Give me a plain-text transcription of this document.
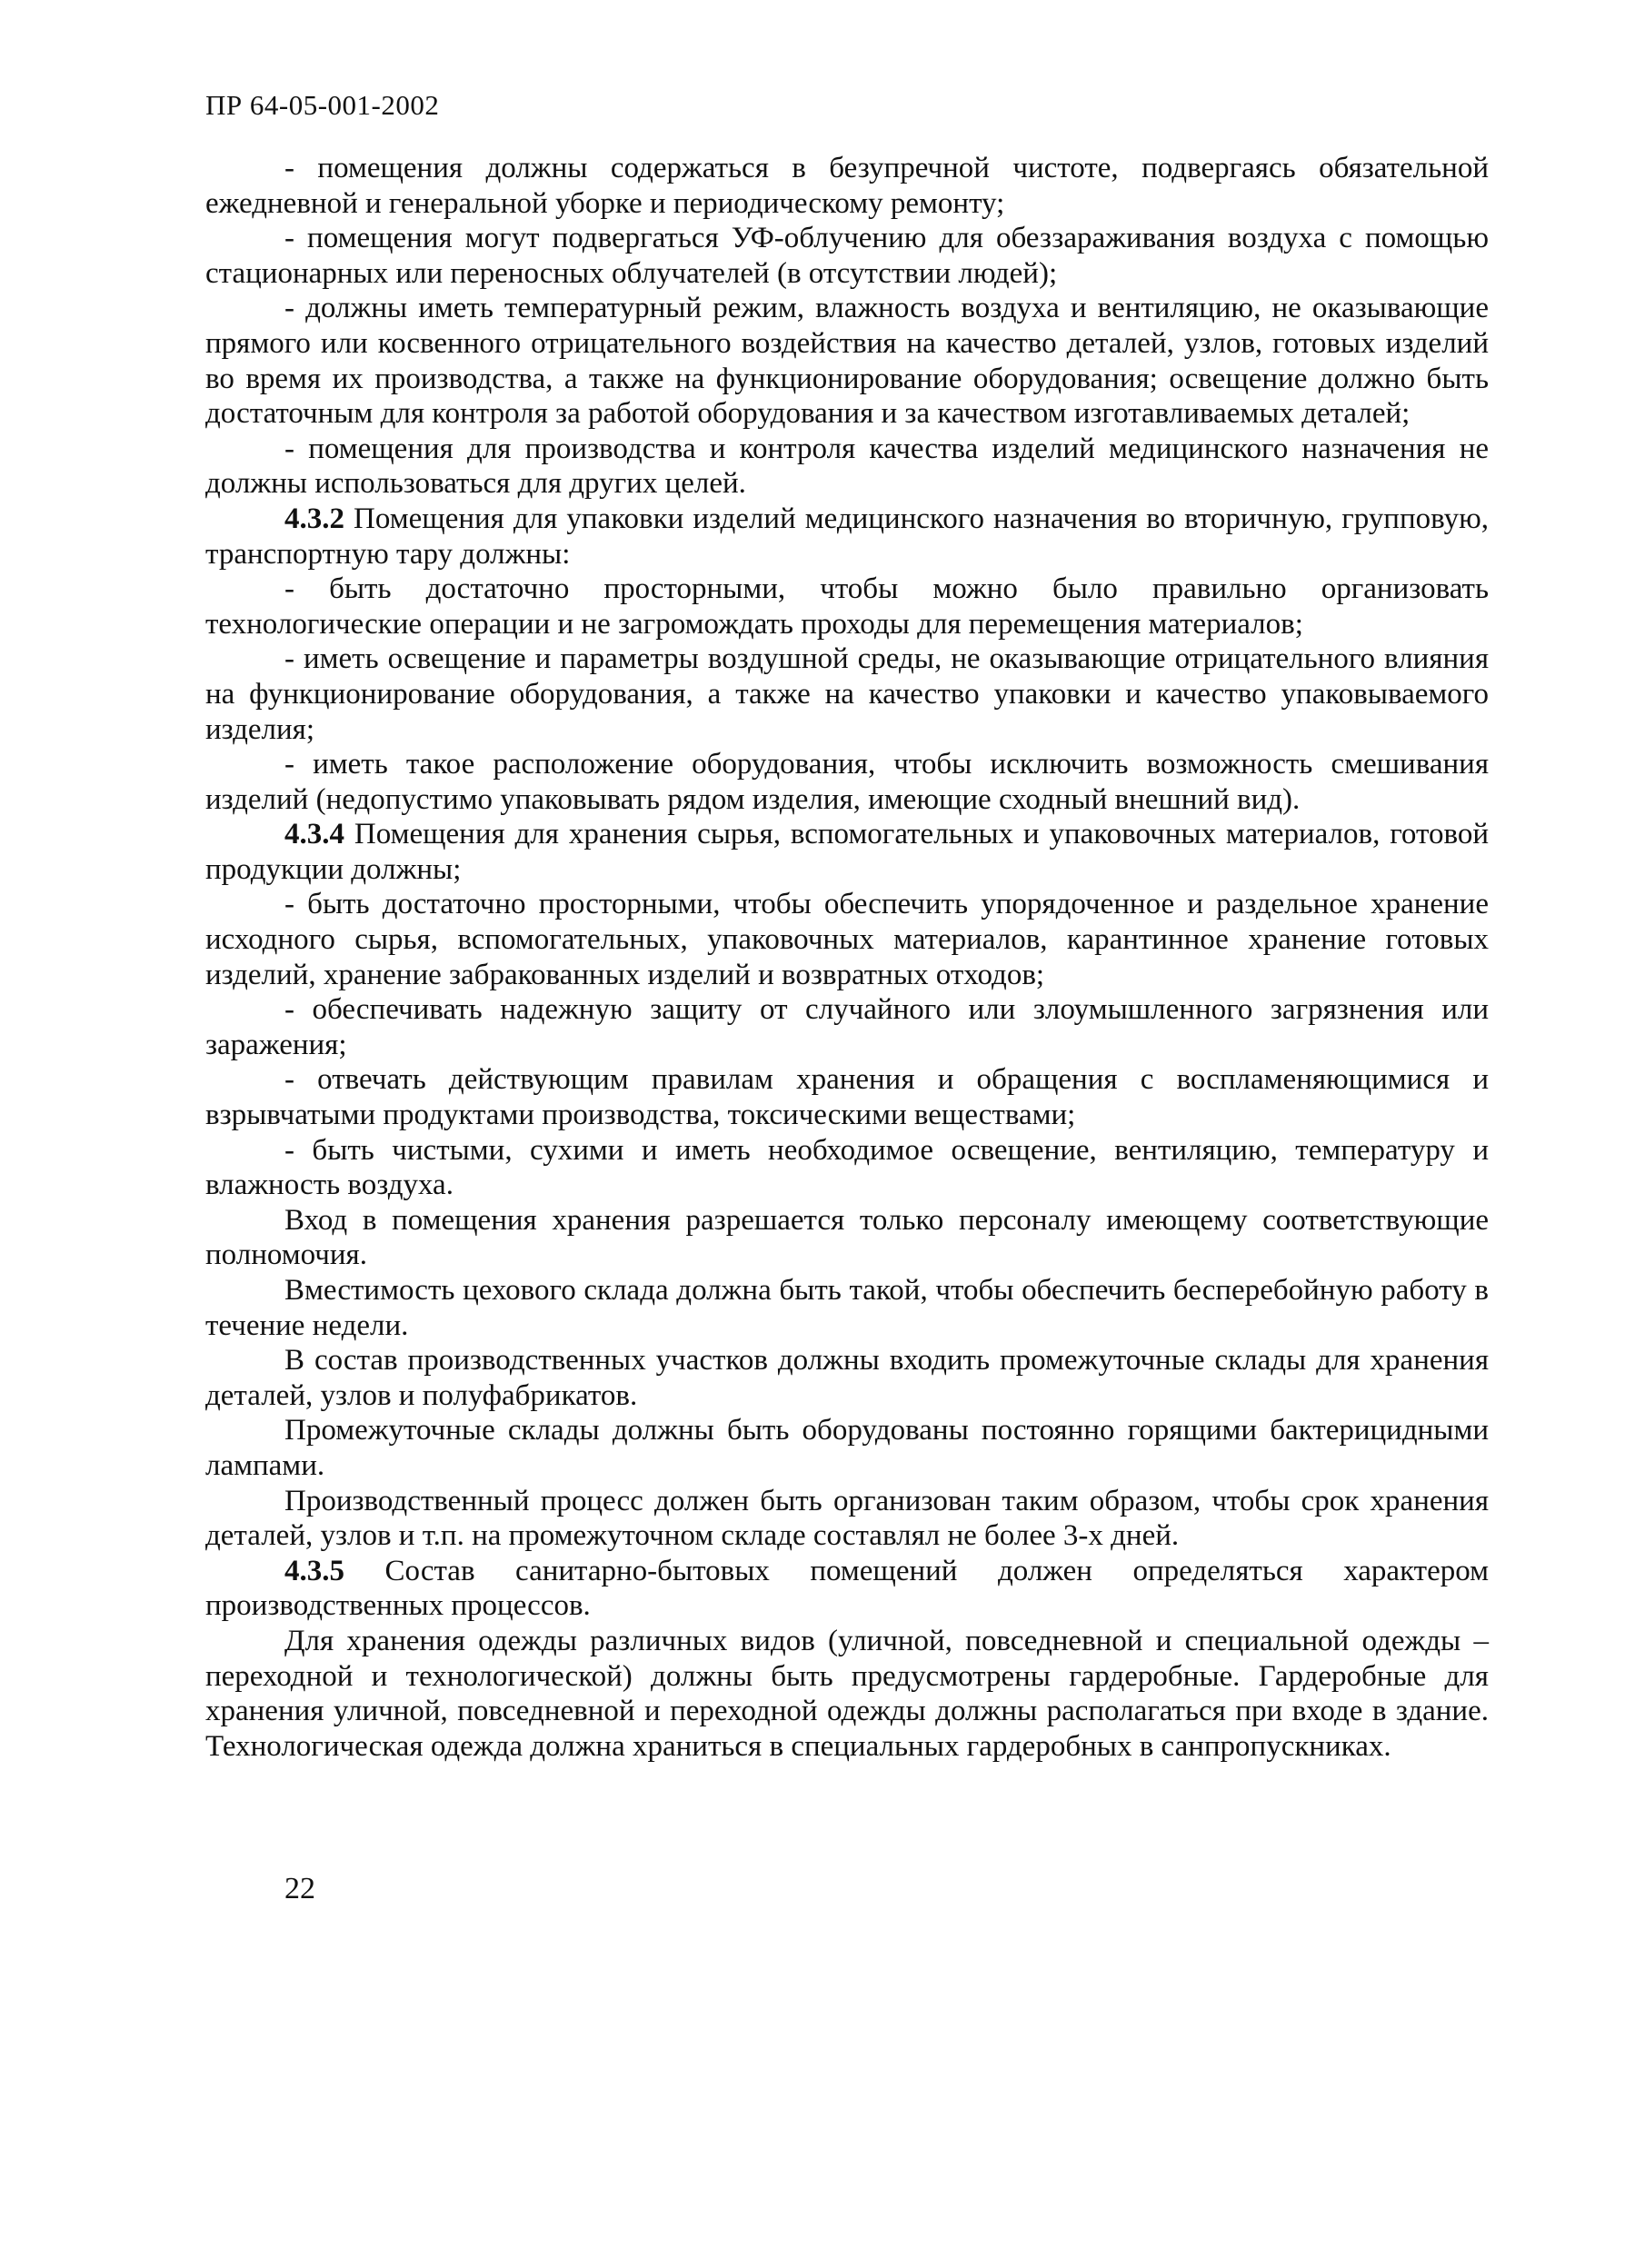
ПР 64-05-001-2002

- помещения должны содержаться в безупречной чистоте, подвергаясь обязательной ежедневной и генеральной уборке и периодическому ремонту;

- помещения могут подвергаться УФ-облучению для обеззараживания воздуха с помощью стационарных или переносных облучателей (в отсутствии людей);

- должны иметь температурный режим, влажность воздуха и вентиляцию, не оказывающие прямого или косвенного отрицательного воздействия на качество деталей, узлов, готовых изделий во время их производства, а также на функционирование оборудования; освещение должно быть достаточным для контроля за работой оборудования и за качеством изготавливаемых деталей;

- помещения для производства и контроля качества изделий медицинского назначения не должны использоваться для других целей.

4.3.2 Помещения для упаковки изделий медицинского назначения во вторичную, групповую, транспортную тару должны:

- быть достаточно просторными, чтобы можно было правильно организовать технологические операции и не загромождать проходы для перемещения материалов;

- иметь освещение и параметры воздушной среды, не оказывающие отрицательного влияния на функционирование оборудования, а также на качество упаковки и качество упаковываемого изделия;

- иметь такое расположение оборудования, чтобы исключить возможность смешивания изделий (недопустимо упаковывать рядом изделия, имеющие сходный внешний вид).

4.3.4 Помещения для хранения сырья, вспомогательных и упаковочных материалов, готовой продукции должны;

- быть достаточно просторными, чтобы обеспечить упорядоченное и раздельное хранение исходного сырья, вспомогательных, упаковочных материалов, карантинное хранение готовых изделий, хранение забракованных изделий и возвратных отходов;

- обеспечивать надежную защиту от случайного или злоумышленного загрязнения или заражения;

- отвечать действующим правилам хранения и обращения с воспламеняющимися и взрывчатыми продуктами производства, токсическими веществами;

- быть чистыми, сухими и иметь необходимое освещение, вентиляцию, температуру и влажность воздуха.

Вход в помещения хранения разрешается только персоналу имеющему соответствующие полномочия.

Вместимость цехового склада должна быть такой, чтобы обеспечить бесперебойную работу в течение недели.

В состав производственных участков должны входить промежуточные склады для хранения деталей, узлов и полуфабрикатов.

Промежуточные склады должны быть оборудованы постоянно горящими бактерицидными лампами.

Производственный процесс должен быть организован таким образом, чтобы срок хранения деталей, узлов и т.п. на промежуточном складе составлял не более 3-х дней.

4.3.5 Состав санитарно-бытовых помещений должен определяться характером производственных процессов.

Для хранения одежды различных видов (уличной, повседневной и специальной одежды – переходной и технологической) должны быть предусмотрены гардеробные. Гардеробные для хранения уличной, повседневной и переходной одежды должны располагаться при входе в здание. Технологическая одежда должна храниться в специальных гардеробных в санпропускниках.

22
